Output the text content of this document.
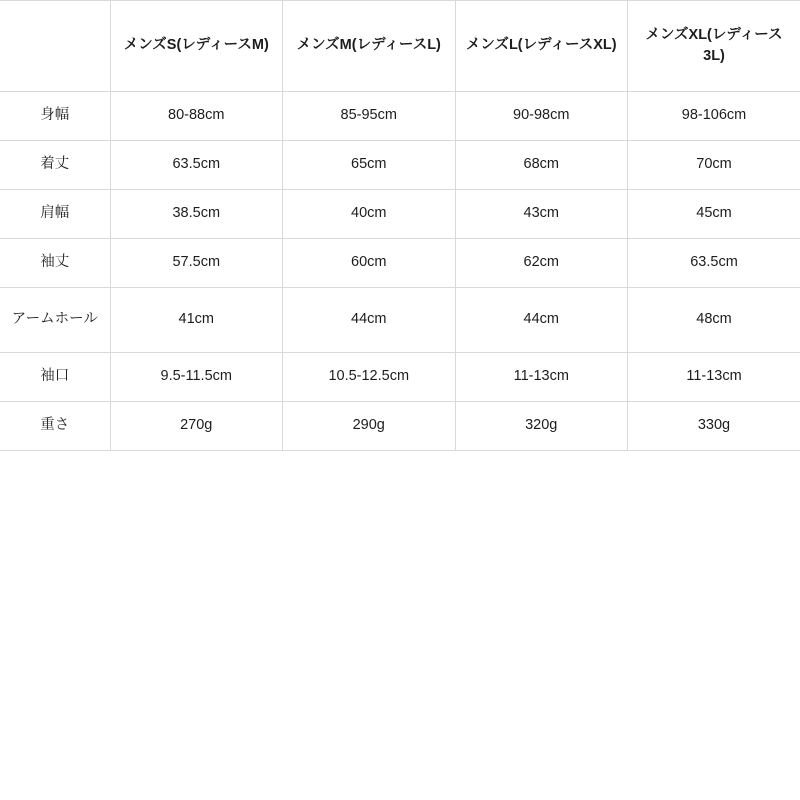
	メンズS(レディースM)	メンズM(レディースL)	メンズL(レディースXL)	メンズXL(レディース3L)
身幅	80-88cm	85-95cm	90-98cm	98-106cm
着丈	63.5cm	65cm	68cm	70cm
肩幅	38.5cm	40cm	43cm	45cm
袖丈	57.5cm	60cm	62cm	63.5cm
アームホール	41cm	44cm	44cm	48cm
袖口	9.5-11.5cm	10.5-12.5cm	11-13cm	11-13cm
重さ	270g	290g	320g	330g
